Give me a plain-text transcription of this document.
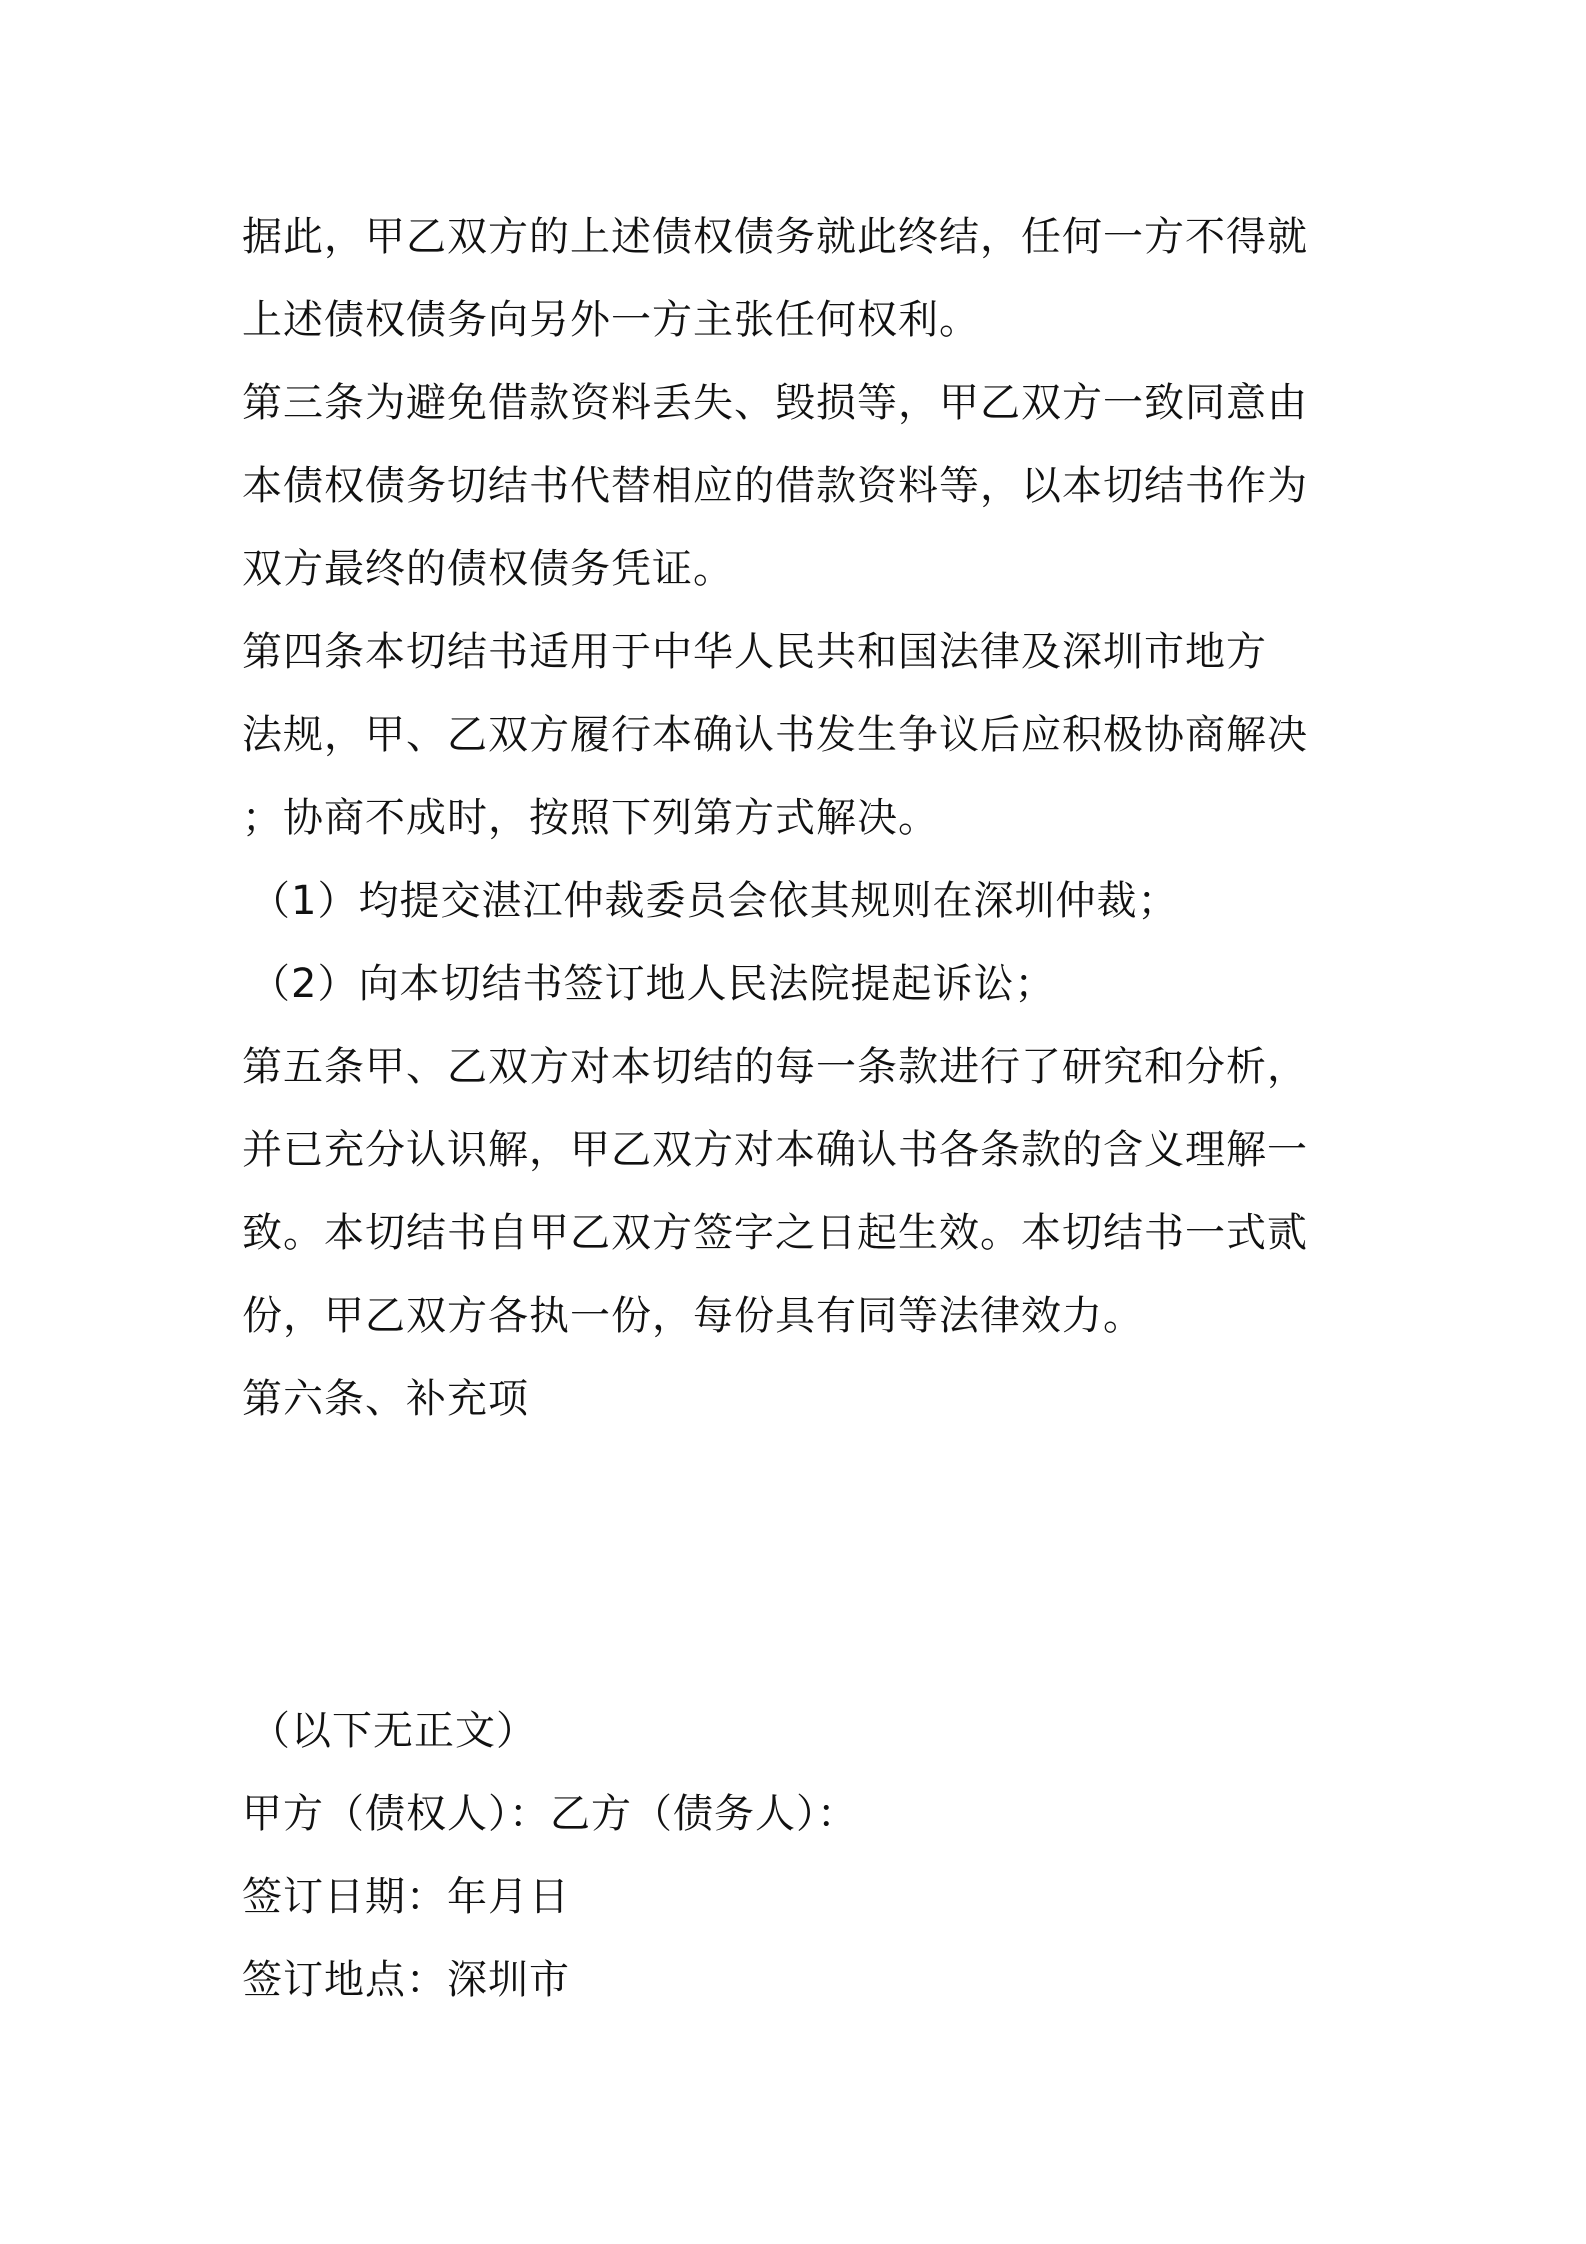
据此，甲乙双方的上述债权债务就此终结，任何一方不得就
上述债权债务向另外一方主张任何权利。
第三条为避免借款资料丢失、毁损等，甲乙双方一致同意由
本债权债务切结书代替相应的借款资料等，以本切结书作为
双方最终的债权债务凭证。
第四条本切结书适用于中华人民共和国法律及深圳市地方
法规，甲、乙双方履行本确认书发生争议后应积极协商解决
；协商不成时，按照下列第方式解决。
（1）均提交湛江仲裁委员会依其规则在深圳仲裁；
（2）向本切结书签订地人民法院提起诉讼；
第五条甲、乙双方对本切结的每一条款进行了研究和分析，
并已充分认识解，甲乙双方对本确认书各条款的含义理解一
致。本切结书自甲乙双方签字之日起生效。本切结书一式贰
份，甲乙双方各执一份，每份具有同等法律效力。
第六条、补充项
（以下无正文）
甲方（债权人）：乙方（债务人）：
签订日期：年月日
签订地点：深圳市
